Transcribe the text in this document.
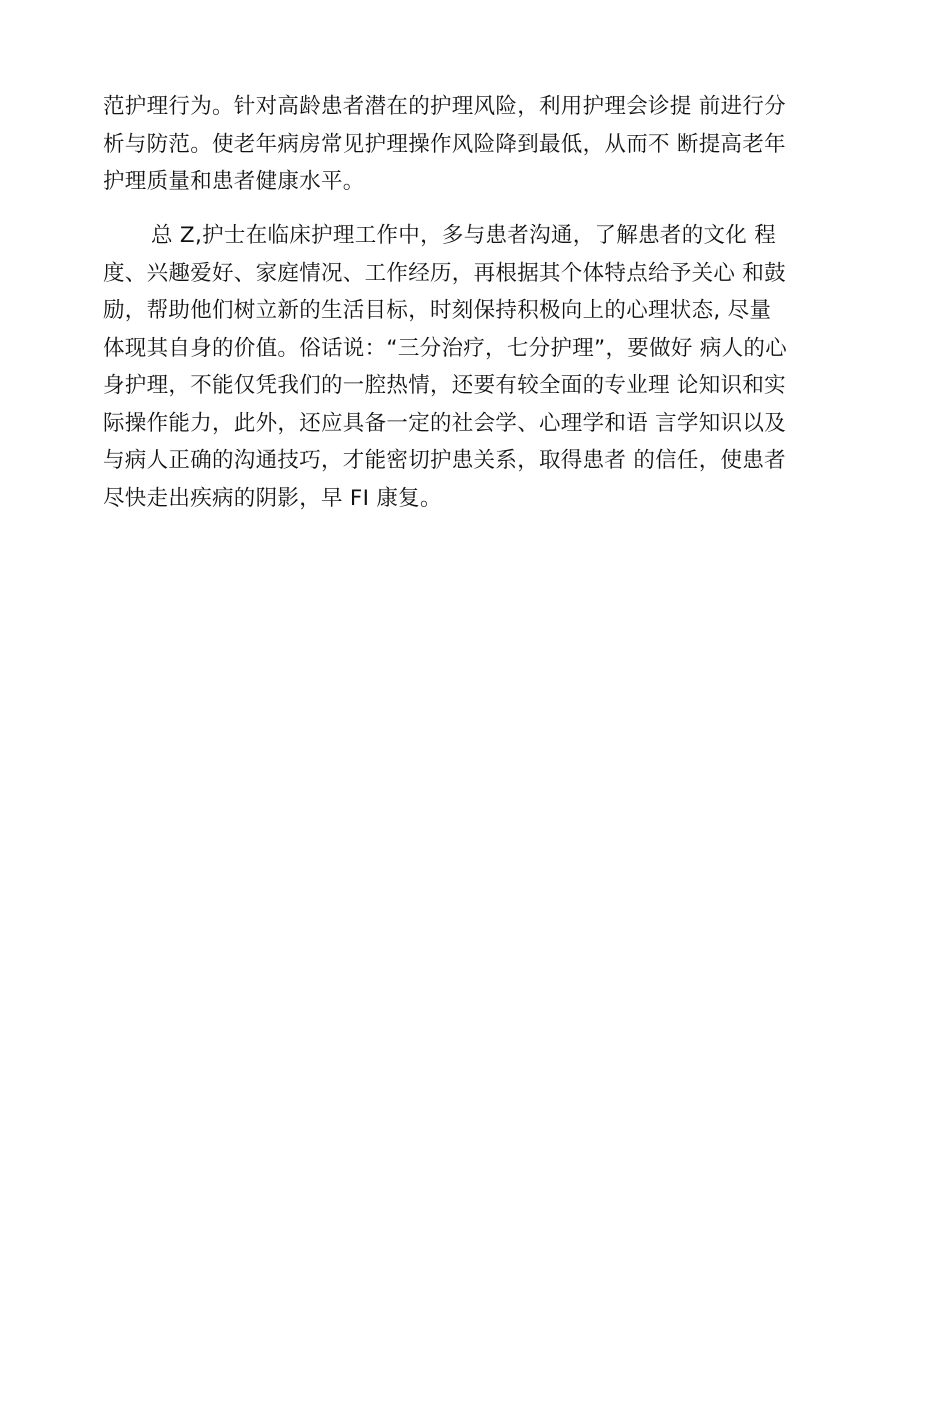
范护理行为。针对高龄患者潜在的护理风险，利用护理会诊提 前进行分
析与防范。使老年病房常见护理操作风险降到最低，从而不 断提高老年
护理质量和患者健康水平。
总 Z,护士在临床护理工作中，多与患者沟通，了解患者的文化 程
度、兴趣爱好、家庭情况、工作经历，再根据其个体特点给予关心 和鼓
励，帮助他们树立新的生活目标，时刻保持积极向上的心理状态, 尽量
体现其自身的价值。俗话说：“三分治疗，七分护理”，要做好 病人的心
身护理，不能仅凭我们的一腔热情，还要有较全面的专业理 论知识和实
际操作能力，此外，还应具备一定的社会学、心理学和语 言学知识以及
与病人正确的沟通技巧，才能密切护患关系，取得患者 的信任，使患者
尽快走出疾病的阴影，早 FI 康复。
